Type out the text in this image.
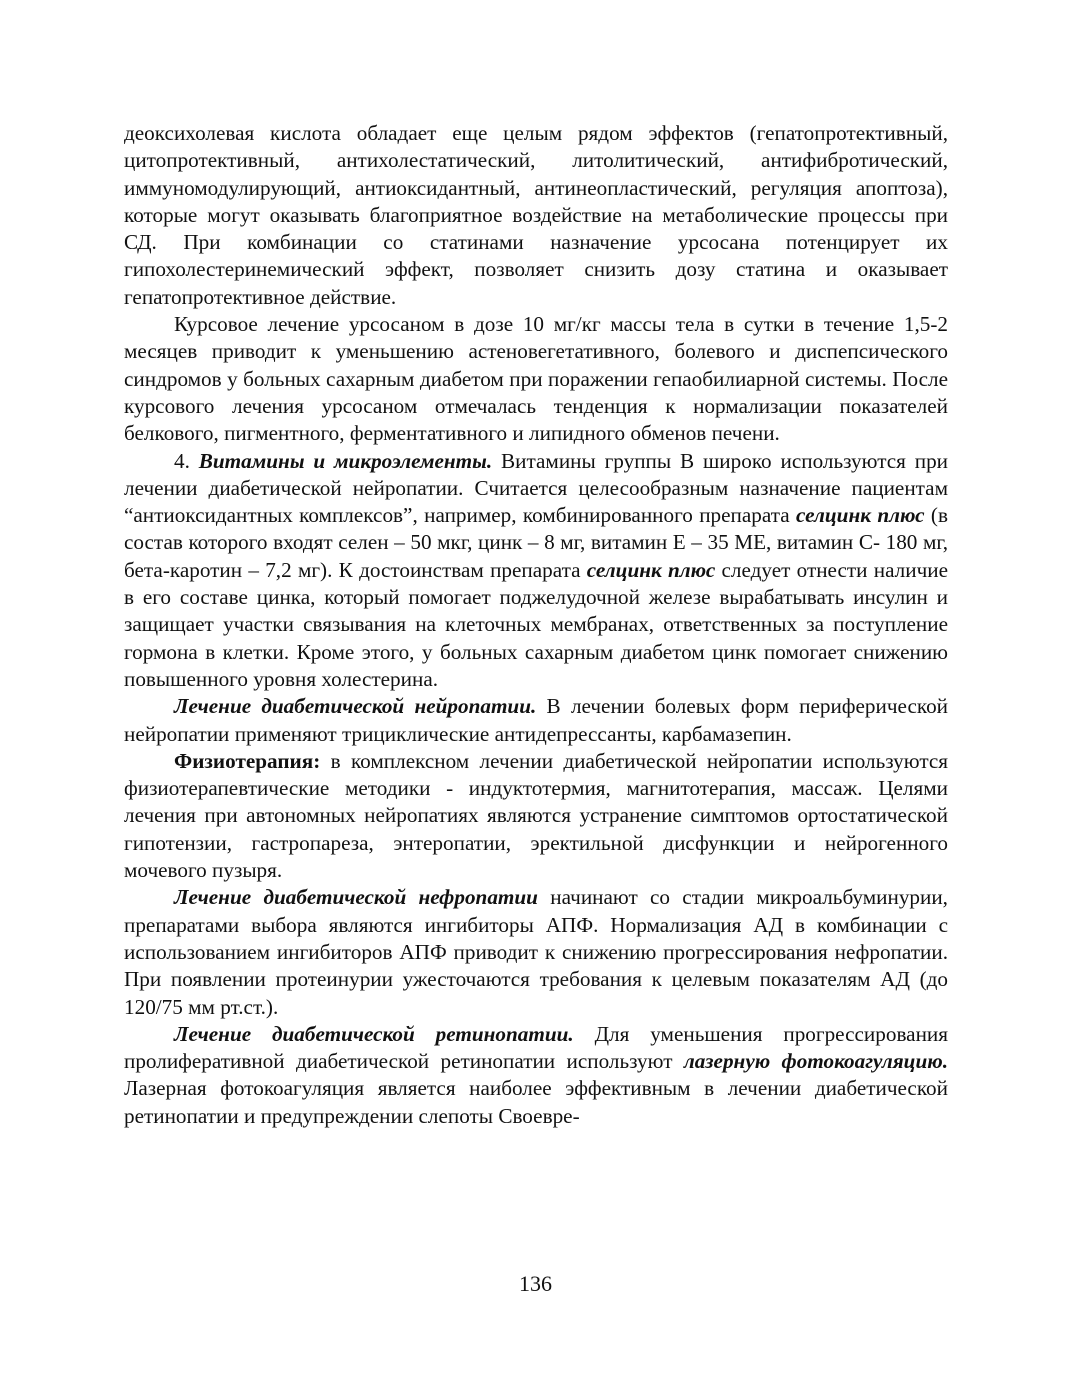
деоксихолевая кислота обладает еще целым рядом эффектов (гепатопротективный, цитопротективный, антихолестатический, литолитический, антифибротический, иммуномодулирующий, антиоксидантный, антинеопластический, регуляция апоптоза), которые могут оказывать благоприятное воздействие на метаболические процессы при СД. При комбинации со статинами назначение урсосана потенцирует их гипохолестеринемический эффект, позволяет снизить дозу статина и оказывает гепатопротективное действие.

Курсовое лечение урсосаном в дозе 10 мг/кг массы тела в сутки в течение 1,5-2 месяцев приводит к уменьшению астеновегетативного, болевого и диспепсического синдромов у больных сахарным диабетом при поражении гепаобилиарной системы. После курсового лечения урсосаном отмечалась тенденция к нормализации показателей белкового, пигментного, ферментативного и липидного обменов печени.

4. Витамины и микроэлементы. Витамины группы В широко используются при лечении диабетической нейропатии. Считается целесообразным назначение пациентам “антиоксидантных комплексов”, например, комбинированного препарата селцинк плюс (в состав которого входят селен – 50 мкг, цинк – 8 мг, витамин Е – 35 МЕ, витамин С- 180 мг, бета-каротин – 7,2 мг). К достоинствам препарата селцинк плюс следует отнести наличие в его составе цинка, который помогает поджелудочной железе вырабатывать инсулин и защищает участки связывания на клеточных мембранах, ответственных за поступление гормона в клетки. Кроме этого, у больных сахарным диабетом цинк помогает снижению повышенного уровня холестерина.

Лечение диабетической нейропатии. В лечении болевых форм периферической нейропатии применяют трициклические антидепрессанты, карбамазепин.

Физиотерапия: в комплексном лечении диабетической нейропатии используются физиотерапевтические методики - индуктотермия, магнитотерапия, массаж. Целями лечения при автономных нейропатиях являются устранение симптомов ортостатической гипотензии, гастропареза, энтеропатии, эректильной дисфункции и нейрогенного мочевого пузыря.

Лечение диабетической нефропатии начинают со стадии микроальбуминурии, препаратами выбора являются ингибиторы АПФ. Нормализация АД в комбинации с использованием ингибиторов АПФ приводит к снижению прогрессирования нефропатии. При появлении протеинурии ужесточаются требования к целевым показателям АД (до 120/75 мм рт.ст.).

Лечение диабетической ретинопатии. Для уменьшения прогрессирования пролиферативной диабетической ретинопатии используют лазерную фотокоагуляцию. Лазерная фотокоагуляция является наиболее эффективным в лечении диабетической ретинопатии и предупреждении слепоты Своевре-

136
